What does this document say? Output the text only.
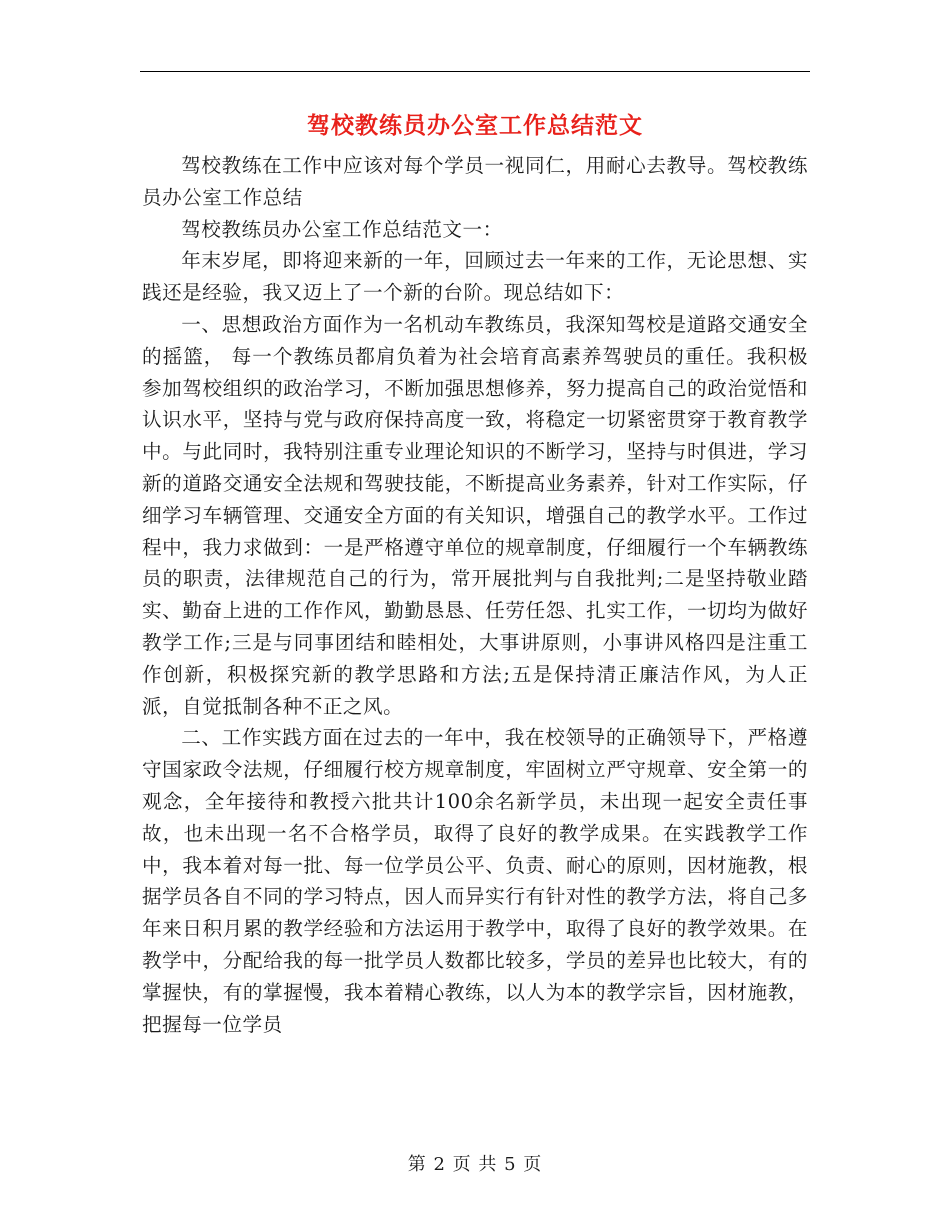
驾校教练员办公室工作总结范文

驾校教练在工作中应该对每个学员一视同仁，用耐心去教导。驾校教练员办公室工作总结

驾校教练员办公室工作总结范文一：

年末岁尾，即将迎来新的一年，回顾过去一年来的工作，无论思想、实践还是经验，我又迈上了一个新的台阶。现总结如下：

一、思想政治方面作为一名机动车教练员，我深知驾校是道路交通安全的摇篮， 每一个教练员都肩负着为社会培育高素养驾驶员的重任。我积极参加驾校组织的政治学习，不断加强思想修养，努力提高自己的政治觉悟和认识水平，坚持与党与政府保持高度一致，将稳定一切紧密贯穿于教育教学中。与此同时，我特别注重专业理论知识的不断学习，坚持与时俱进，学习新的道路交通安全法规和驾驶技能，不断提高业务素养，针对工作实际，仔细学习车辆管理、交通安全方面的有关知识，增强自己的教学水平。工作过程中，我力求做到：一是严格遵守单位的规章制度，仔细履行一个车辆教练员的职责，法律规范自己的行为，常开展批判与自我批判;二是坚持敬业踏实、勤奋上进的工作作风，勤勤恳恳、任劳任怨、扎实工作，一切均为做好教学工作;三是与同事团结和睦相处，大事讲原则，小事讲风格四是注重工作创新，积极探究新的教学思路和方法;五是保持清正廉洁作风，为人正派，自觉抵制各种不正之风。

二、工作实践方面在过去的一年中，我在校领导的正确领导下，严格遵守国家政令法规，仔细履行校方规章制度，牢固树立严守规章、安全第一的观念，全年接待和教授六批共计100余名新学员，未出现一起安全责任事故，也未出现一名不合格学员，取得了良好的教学成果。在实践教学工作中，我本着对每一批、每一位学员公平、负责、耐心的原则，因材施教，根据学员各自不同的学习特点，因人而异实行有针对性的教学方法，将自己多年来日积月累的教学经验和方法运用于教学中，取得了良好的教学效果。在教学中，分配给我的每一批学员人数都比较多，学员的差异也比较大，有的掌握快，有的掌握慢，我本着精心教练，以人为本的教学宗旨，因材施教，把握每一位学员

第 2 页 共 5 页
